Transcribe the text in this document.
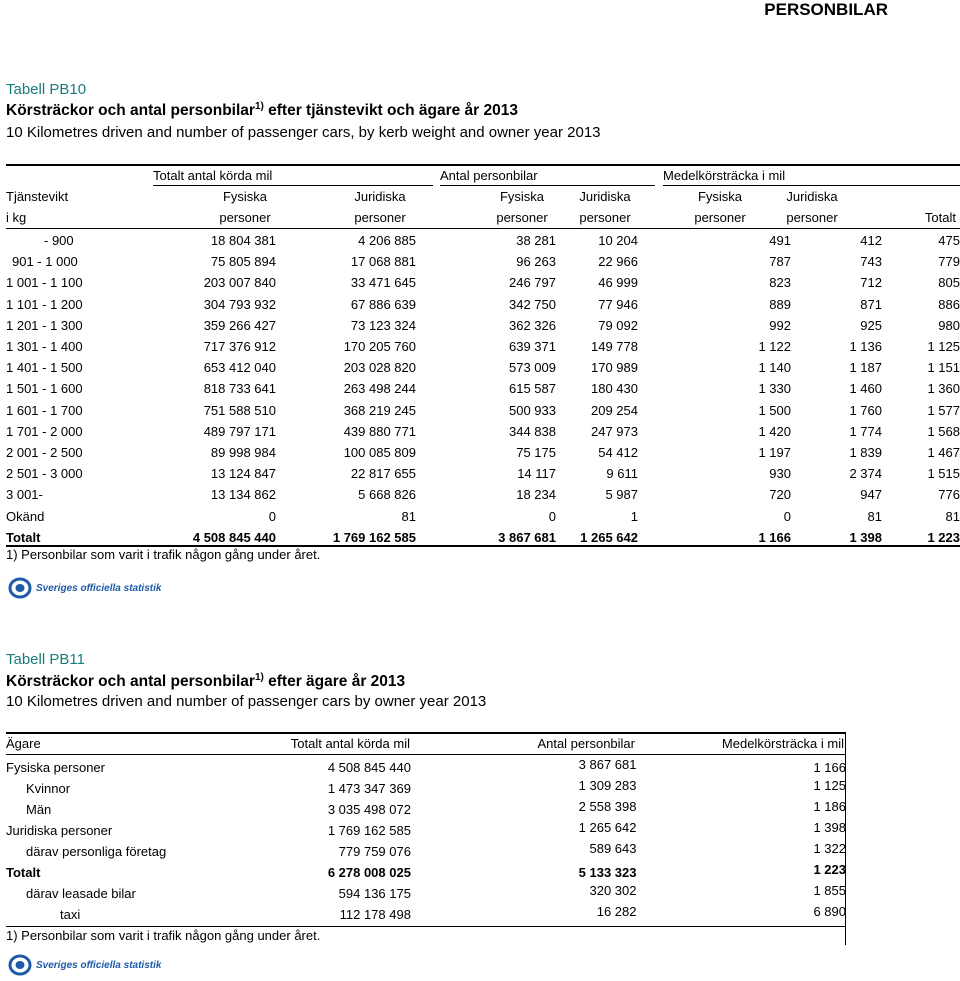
PERSONBILAR
Tabell PB10
Körsträckor och antal personbilar$^{1)}$ efter tjänstevikt och ägare år 2013
10 Kilometres driven and number of passenger cars, by kerb weight and owner year 2013
Totalt antal körda mil	Antal personbilar	Medelkörsträcka i mil
Tjänstevikt
i kg
Fysiska	Juridiska	Fysiska	Juridiska	Fysiska	Juridiska
personer	personer	personer	personer	personer	personer	Totalt
- 900	18 804 381	4 206 885	38 281	10 204	491	412	475
901 - 1 000	75 805 894	17 068 881	96 263	22 966	787	743	779
1 001 - 1 100	203 007 840	33 471 645	246 797	46 999	823	712	805
1 101 - 1 200	304 793 932	67 886 639	342 750	77 946	889	871	886
1 201 - 1 300	359 266 427	73 123 324	362 326	79 092	992	925	980
1 301 - 1 400	717 376 912	170 205 760	639 371	149 778	1 122	1 136	1 125
1 401 - 1 500	653 412 040	203 028 820	573 009	170 989	1 140	1 187	1 151
1 501 - 1 600	818 733 641	263 498 244	615 587	180 430	1 330	1 460	1 360
1 601 - 1 700	751 588 510	368 219 245	500 933	209 254	1 500	1 760	1 577
1 701 - 2 000	489 797 171	439 880 771	344 838	247 973	1 420	1 774	1 568
2 001 - 2 500	89 998 984	100 085 809	75 175	54 412	1 197	1 839	1 467
2 501 - 3 000	13 124 847	22 817 655	14 117	9 611	930	2 374	1 515
3 001-	13 134 862	5 668 826	18 234	5 987	720	947	776
Okänd	0	81	0	1	0	81	81
Totalt	4 508 845 440	1 769 162 585	3 867 681	1 265 642	1 166	1 398	1 223
1) Personbilar som varit i trafik någon gång under året.
Sveriges officiella statistik
Tabell PB11
Körsträckor och antal personbilar$^{1)}$ efter ägare år 2013
10 Kilometres driven and number of passenger cars by owner year 2013
Ägare	Totalt antal körda mil	Antal personbilar	Medelkörsträcka i mil
Fysiska personer	4 508 845 440	3 867 681	1 166
Kvinnor	1 473 347 369	1 309 283	1 125
Män	3 035 498 072	2 558 398	1 186
Juridiska personer	1 769 162 585	1 265 642	1 398
därav personliga företag	779 759 076	589 643	1 322
Totalt	6 278 008 025	5 133 323	1 223
därav leasade bilar	594 136 175	320 302	1 855
taxi	112 178 498	16 282	6 890
1) Personbilar som varit i trafik någon gång under året.
Sveriges officiella statistik
